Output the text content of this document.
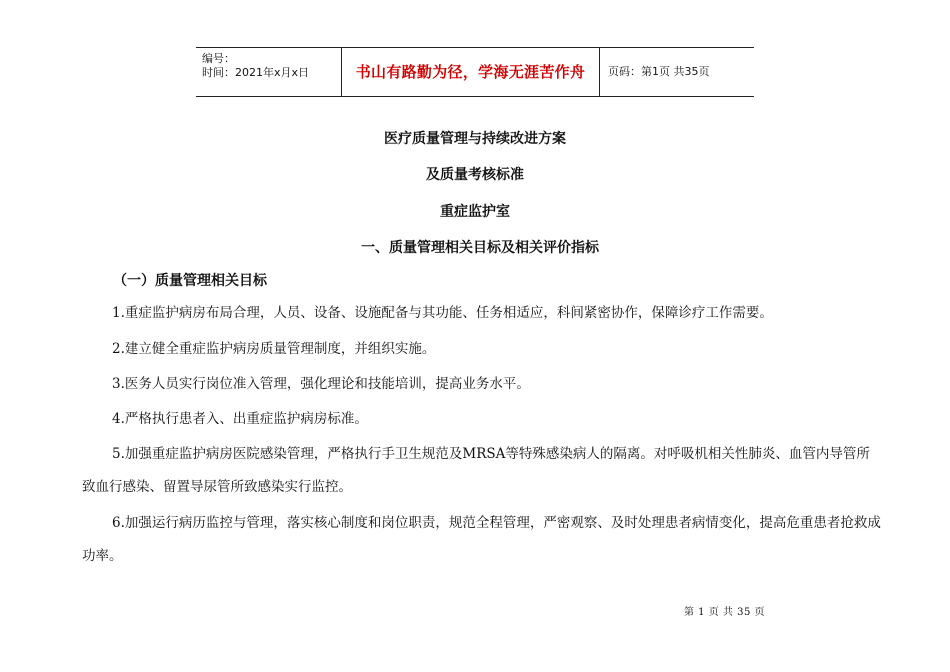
编号：
时间：2021年x月x日	书山有路勤为径，学海无涯苦作舟	页码：第1页 共35页
医疗质量管理与持续改进方案
及质量考核标准
重症监护室
一、质量管理相关目标及相关评价指标
（一）质量管理相关目标
1.重症监护病房布局合理，人员、设备、设施配备与其功能、任务相适应，科间紧密协作，保障诊疗工作需要。
2.建立健全重症监护病房质量管理制度，并组织实施。
3.医务人员实行岗位准入管理，强化理论和技能培训，提高业务水平。
4.严格执行患者入、出重症监护病房标准。
5.加强重症监护病房医院感染管理，严格执行手卫生规范及MRSA等特殊感染病人的隔离。对呼吸机相关性肺炎、血管内导管所致血行感染、留置导尿管所致感染实行监控。
6.加强运行病历监控与管理，落实核心制度和岗位职责，规范全程管理，严密观察、及时处理患者病情变化，提高危重患者抢救成功率。
第 1 页 共 35 页
